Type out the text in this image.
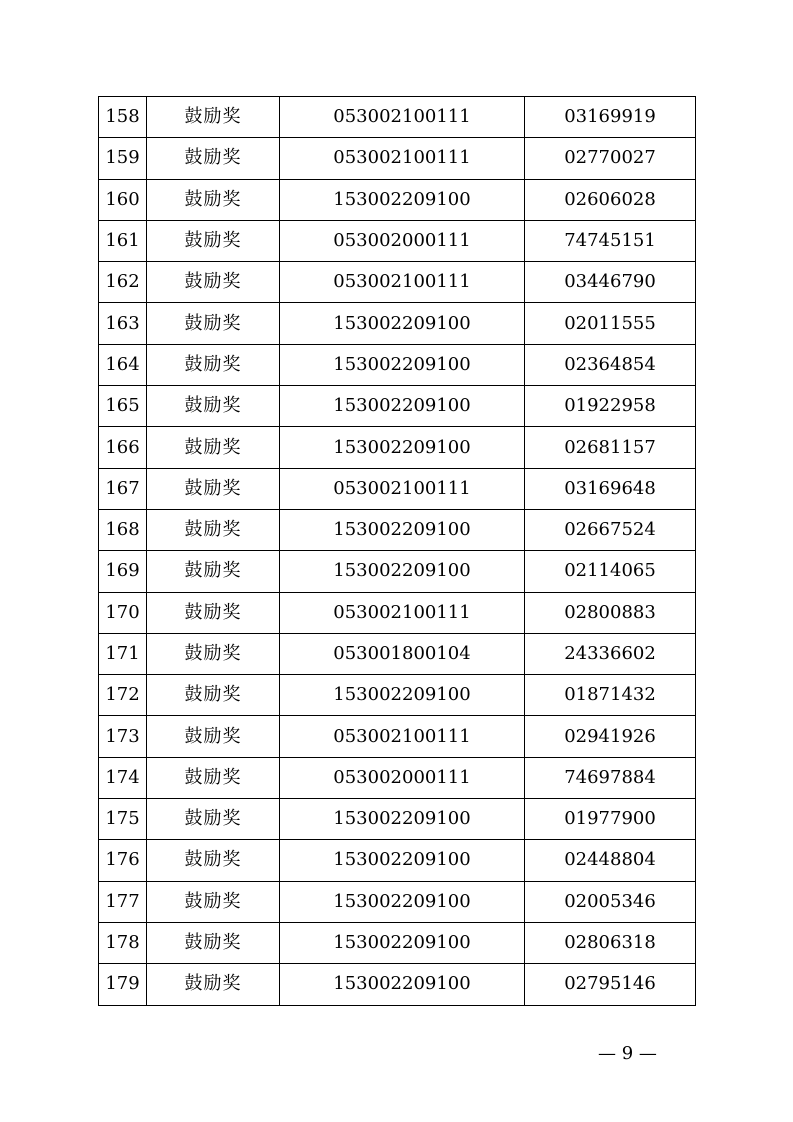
158	鼓励奖	053002100111	03169919
159	鼓励奖	053002100111	02770027
160	鼓励奖	153002209100	02606028
161	鼓励奖	053002000111	74745151
162	鼓励奖	053002100111	03446790
163	鼓励奖	153002209100	02011555
164	鼓励奖	153002209100	02364854
165	鼓励奖	153002209100	01922958
166	鼓励奖	153002209100	02681157
167	鼓励奖	053002100111	03169648
168	鼓励奖	153002209100	02667524
169	鼓励奖	153002209100	02114065
170	鼓励奖	053002100111	02800883
171	鼓励奖	053001800104	24336602
172	鼓励奖	153002209100	01871432
173	鼓励奖	053002100111	02941926
174	鼓励奖	053002000111	74697884
175	鼓励奖	153002209100	01977900
176	鼓励奖	153002209100	02448804
177	鼓励奖	153002209100	02005346
178	鼓励奖	153002209100	02806318
179	鼓励奖	153002209100	02795146
— 9 —
